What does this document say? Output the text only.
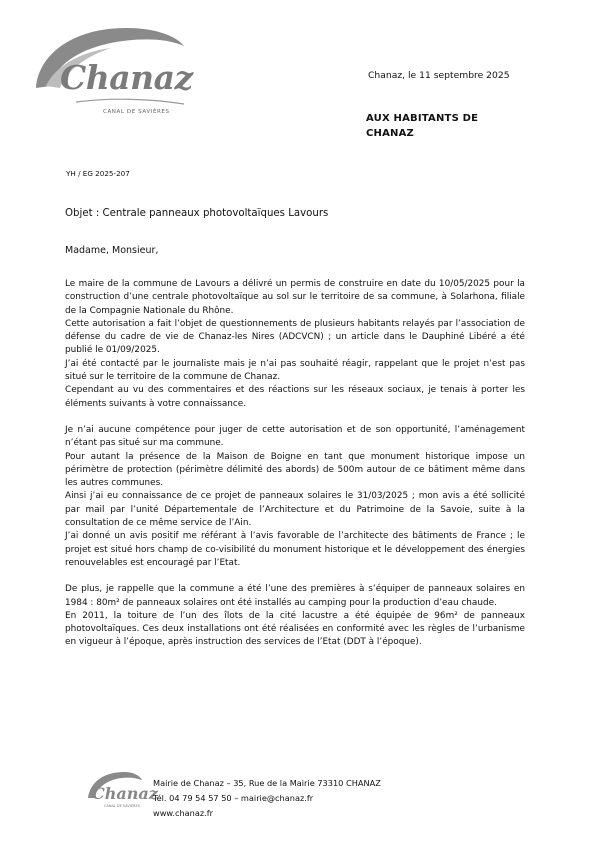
Chanaz
CANAL DE SAVIÈRES
Chanaz, le 11 septembre 2025
AUX HABITANTS DE
CHANAZ
YH / EG 2025-207
Objet : Centrale panneaux photovoltaïques Lavours
Madame, Monsieur,

Le maire de la commune de Lavours a délivré un permis de construire en date du 10/05/2025 pour la construction d’une centrale photovoltaïque au sol sur le territoire de sa commune, à Solarhona, filiale de la Compagnie Nationale du Rhône.

Cette autorisation a fait l’objet de questionnements de plusieurs habitants relayés par l’association de défense du cadre de vie de Chanaz-les Nires (ADCVCN) ; un article dans le Dauphiné Libéré a été publié le 01/09/2025.

J’ai été contacté par le journaliste mais je n’ai pas souhaité réagir, rappelant que le projet n’est pas situé sur le territoire de la commune de Chanaz.

Cependant au vu des commentaires et des réactions sur les réseaux sociaux, je tenais à porter les éléments suivants à votre connaissance.

Je n’ai aucune compétence pour juger de cette autorisation et de son opportunité, l’aménagement n’étant pas situé sur ma commune.

Pour autant la présence de la Maison de Boigne en tant que monument historique impose un périmètre de protection (périmètre délimité des abords) de 500m autour de ce bâtiment même dans les autres communes.

Ainsi j’ai eu connaissance de ce projet de panneaux solaires le 31/03/2025 ; mon avis a été sollicité par mail par l’unité Départementale de l’Architecture et du Patrimoine de la Savoie, suite à la consultation de ce même service de l’Ain.

J’ai donné un avis positif me référant à l’avis favorable de l’architecte des bâtiments de France ; le projet est situé hors champ de co-visibilité du monument historique et le développement des énergies renouvelables est encouragé par l’Etat.

De plus, je rappelle que la commune a été l’une des premières à s’équiper de panneaux solaires en 1984 : 80m² de panneaux solaires ont été installés au camping pour la production d’eau chaude.

En 2011, la toiture de l’un des îlots de la cité lacustre a été équipée de 96m² de panneaux photovoltaïques. Ces deux installations ont été réalisées en conformité avec les règles de l’urbanisme en vigueur à l’époque, après instruction des services de l’Etat (DDT à l’époque).

Chanaz
CANAL DE SAVIÈRES
Mairie de Chanaz – 35, Rue de la Mairie 73310 CHANAZ
Tél. 04 79 54 57 50 – mairie@chanaz.fr
www.chanaz.fr
